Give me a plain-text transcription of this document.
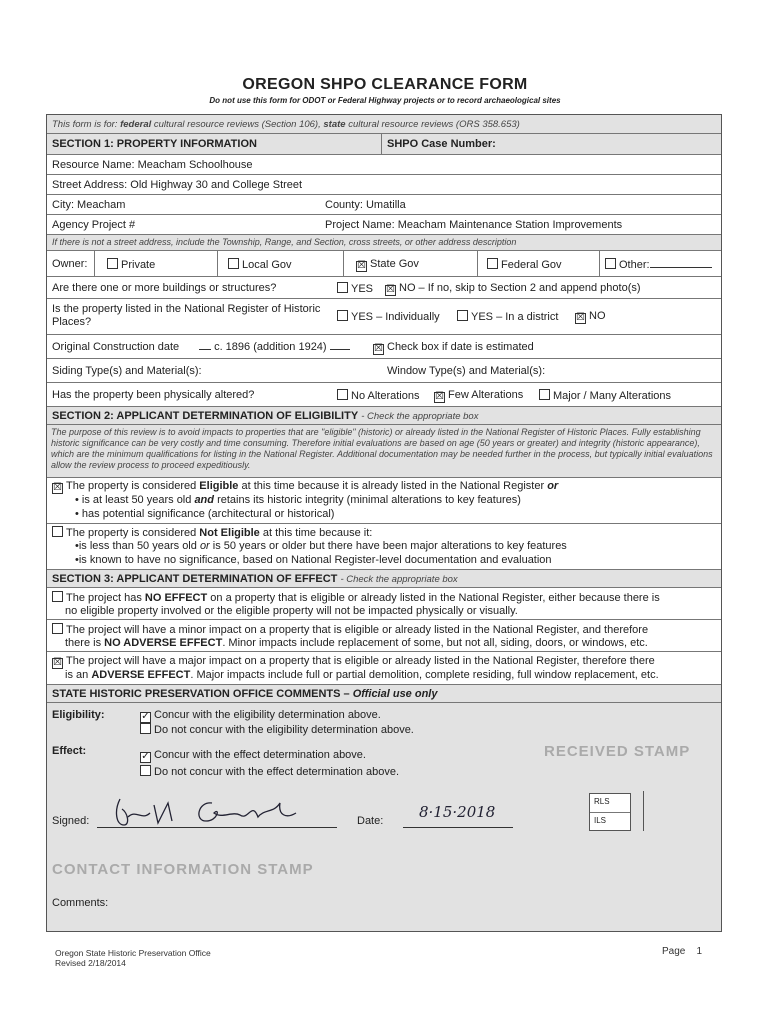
OREGON SHPO CLEARANCE FORM
Do not use this form for ODOT or Federal Highway projects or to record archaeological sites
This form is for: federal cultural resource reviews (Section 106), state cultural resource reviews (ORS 358.653)
SECTION 1: PROPERTY INFORMATION	SHPO Case Number:
Resource Name: Meacham Schoolhouse
Street Address: Old Highway 30 and College Street
City: Meacham	County: Umatilla
Agency Project #	Project Name: Meacham Maintenance Station Improvements
If there is not a street address, include the Township, Range, and Section, cross streets, or other address description
Owner:	Private	Local Gov	☒ State Gov	Federal Gov	Other:
Are there one or more buildings or structures?	YES ☒ NO – If no, skip to Section 2 and append photo(s)
Is the property listed in the National Register of Historic Places?	YES – Individually	YES – In a district ☒ NO
Original Construction date	c. 1896 (addition 1924)	☒ Check box if date is estimated
Siding Type(s) and Material(s):	Window Type(s) and Material(s):
Has the property been physically altered?	No Alterations ☒ Few Alterations	Major / Many Alterations
SECTION 2: APPLICANT DETERMINATION OF ELIGIBILITY - Check the appropriate box
The purpose of this review is to avoid impacts to properties that are "eligible" (historic) or already listed in the National Register of Historic Places. Fully establishing historic significance can be very costly and time consuming. Therefore initial evaluations are based on age (50 years or greater) and integrity (historic appearance), which are the minimum qualifications for listing in the National Register. Additional documentation may be needed further in the process, but typically initial evaluations allow the review process to proceed expeditiously.
☒ The property is considered Eligible at this time because it is already listed in the National Register or
• is at least 50 years old and retains its historic integrity (minimal alterations to key features)
• has potential significance (architectural or historical)
The property is considered Not Eligible at this time because it:
•is less than 50 years old or is 50 years or older but there have been major alterations to key features
•is known to have no significance, based on National Register-level documentation and evaluation
SECTION 3: APPLICANT DETERMINATION OF EFFECT - Check the appropriate box
The project has NO EFFECT on a property that is eligible or already listed in the National Register, either because there is
no eligible property involved or the eligible property will not be impacted physically or visually.
The project will have a minor impact on a property that is eligible or already listed in the National Register, and therefore
there is NO ADVERSE EFFECT. Minor impacts include replacement of some, but not all, siding, doors, or windows, etc.
☒ The project will have a major impact on a property that is eligible or already listed in the National Register, therefore there
is an ADVERSE EFFECT. Major impacts include full or partial demolition, complete residing, full window replacement, etc.
STATE HISTORIC PRESERVATION OFFICE COMMENTS – Official use only
Eligibility:	✓ Concur with the eligibility determination above.
Do not concur with the eligibility determination above.
Effect:	✓ Concur with the effect determination above.
Do not concur with the effect determination above.
RECEIVED STAMP
RLS
ILS
Signed:	Date: 8·15·2018
CONTACT INFORMATION STAMP
Comments:
Oregon State Historic Preservation Office
Revised 2/18/2014
Page 1
